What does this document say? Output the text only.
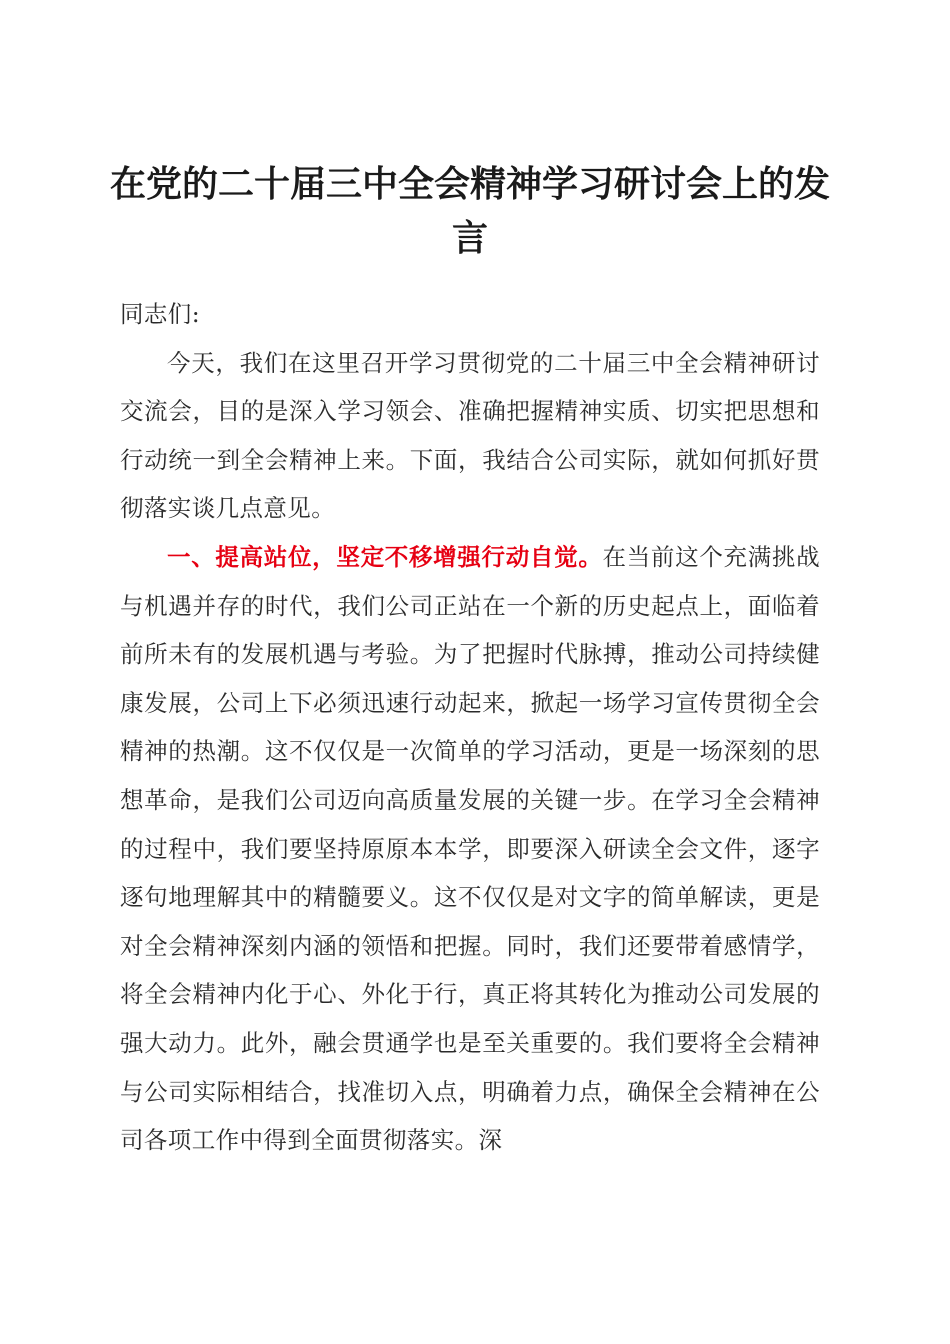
在党的二十届三中全会精神学习研讨会上的发言

同志们:

今天，我们在这里召开学习贯彻党的二十届三中全会精神研讨交流会，目的是深入学习领会、准确把握精神实质、切实把思想和行动统一到全会精神上来。下面，我结合公司实际，就如何抓好贯彻落实谈几点意见。

一、提高站位，坚定不移增强行动自觉。在当前这个充满挑战与机遇并存的时代，我们公司正站在一个新的历史起点上，面临着前所未有的发展机遇与考验。为了把握时代脉搏，推动公司持续健康发展，公司上下必须迅速行动起来，掀起一场学习宣传贯彻全会精神的热潮。这不仅仅是一次简单的学习活动，更是一场深刻的思想革命，是我们公司迈向高质量发展的关键一步。在学习全会精神的过程中，我们要坚持原原本本学，即要深入研读全会文件，逐字逐句地理解其中的精髓要义。这不仅仅是对文字的简单解读，更是对全会精神深刻内涵的领悟和把握。同时，我们还要带着感情学，将全会精神内化于心、外化于行，真正将其转化为推动公司发展的强大动力。此外，融会贯通学也是至关重要的。我们要将全会精神与公司实际相结合，找准切入点，明确着力点，确保全会精神在公司各项工作中得到全面贯彻落实。深
